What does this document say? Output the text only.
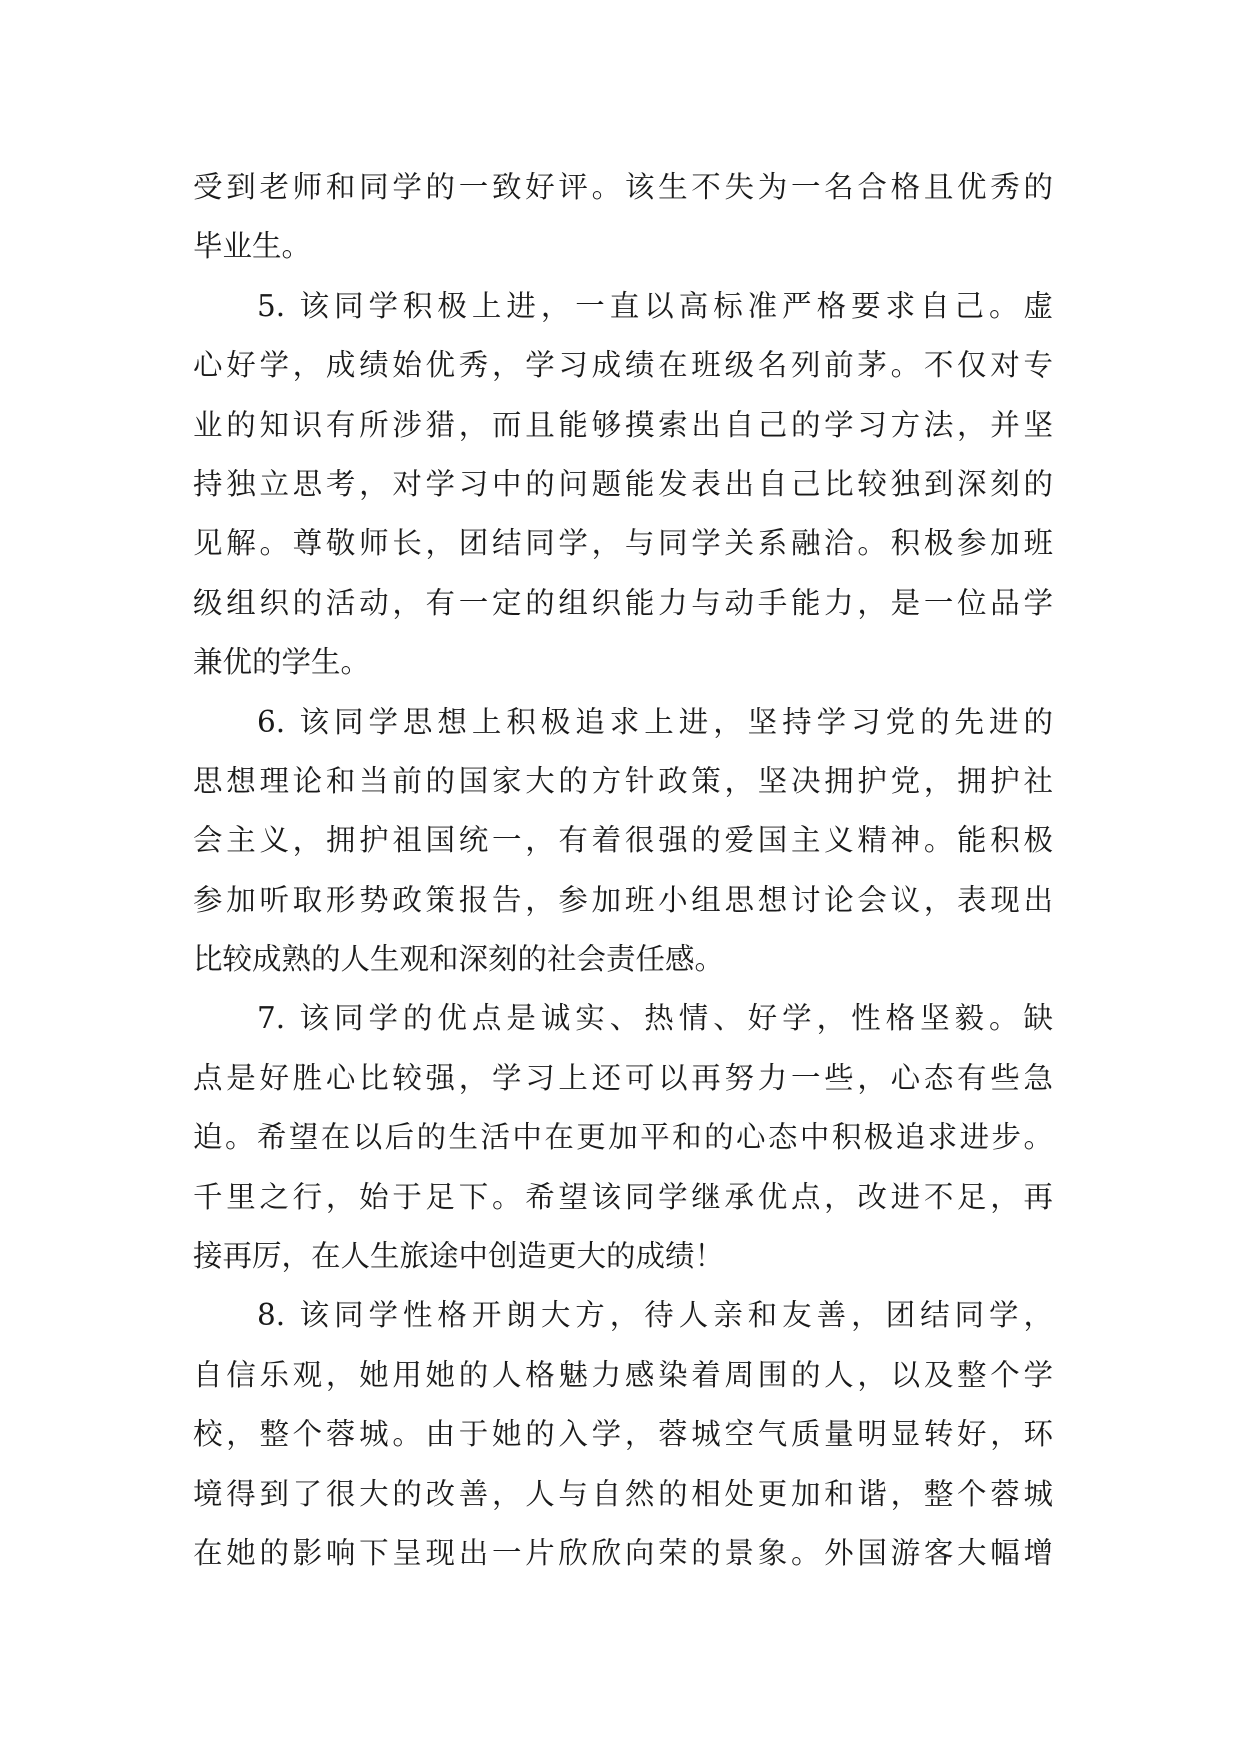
受到老师和同学的一致好评。该生不失为一名合格且优秀的
毕业生。
5. 该同学积极上进，一直以高标准严格要求自己。虚
心好学，成绩始优秀，学习成绩在班级名列前茅。不仅对专
业的知识有所涉猎，而且能够摸索出自己的学习方法，并坚
持独立思考，对学习中的问题能发表出自己比较独到深刻的
见解。尊敬师长，团结同学，与同学关系融洽。积极参加班
级组织的活动，有一定的组织能力与动手能力，是一位品学
兼优的学生。
6. 该同学思想上积极追求上进，坚持学习党的先进的
思想理论和当前的国家大的方针政策，坚决拥护党，拥护社
会主义，拥护祖国统一，有着很强的爱国主义精神。能积极
参加听取形势政策报告，参加班小组思想讨论会议，表现出
比较成熟的人生观和深刻的社会责任感。
7. 该同学的优点是诚实、热情、好学，性格坚毅。缺
点是好胜心比较强，学习上还可以再努力一些，心态有些急
迫。希望在以后的生活中在更加平和的心态中积极追求进步。
千里之行，始于足下。希望该同学继承优点，改进不足，再
接再厉，在人生旅途中创造更大的成绩！
8. 该同学性格开朗大方，待人亲和友善，团结同学，
自信乐观，她用她的人格魅力感染着周围的人，以及整个学
校，整个蓉城。由于她的入学，蓉城空气质量明显转好，环
境得到了很大的改善，人与自然的相处更加和谐，整个蓉城
在她的影响下呈现出一片欣欣向荣的景象。外国游客大幅增
